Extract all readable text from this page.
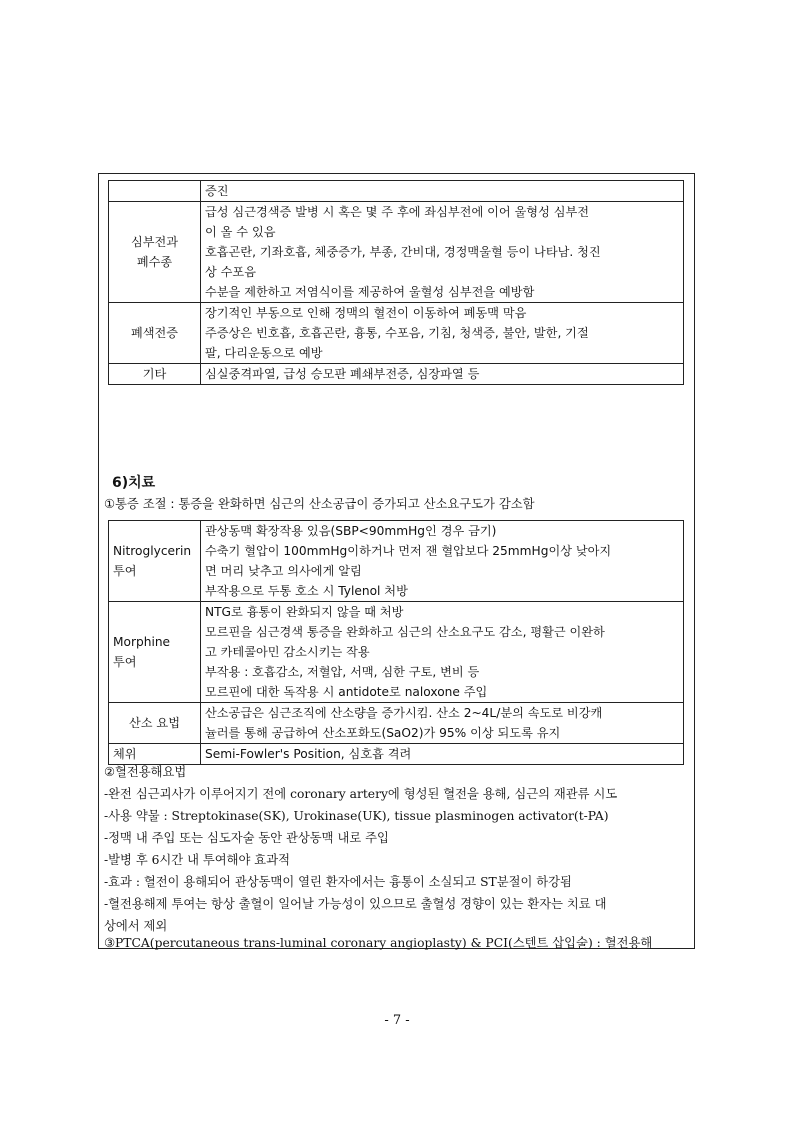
	증진

심부전과
폐수종	급성 심근경색증 발병 시 혹은 몇 주 후에 좌심부전에 이어 울형성 심부전
이 올 수 있음
호흡곤란, 기좌호흡, 체중증가, 부종, 간비대, 경정맥울혈 등이 나타남. 청진
상 수포음
수분을 제한하고 저염식이를 제공하여 울혈성 심부전을 예방함

폐색전증	장기적인 부동으로 인해 정맥의 혈전이 이동하여 폐동맥 막음
주증상은 빈호흡, 호흡곤란, 흉통, 수포음, 기침, 청색증, 불안, 발한, 기절
팔, 다리운동으로 예방

기타	심실중격파열, 급성 승모판 폐쇄부전증, 심장파열 등
6)치료
①통증 조절 : 통증을 완화하면 심근의 산소공급이 증가되고 산소요구도가 감소함
Nitroglycerin
투여	관상동맥 확장작용 있음(SBP<90mmHg인 경우 금기)
수축기 혈압이 100mmHg이하거나 먼저 잰 혈압보다 25mmHg이상 낮아지
면 머리 낮추고 의사에게 알림
부작용으로 두통 호소 시 Tylenol 처방

Morphine
투여	NTG로 흉통이 완화되지 않을 때 처방
모르핀을 심근경색 통증을 완화하고 심근의 산소요구도 감소, 평활근 이완하
고 카테콜아민 감소시키는 작용
부작용 : 호흡감소, 저혈압, 서맥, 심한 구토, 변비 등
모르핀에 대한 독작용 시 antidote로 naloxone 주입

산소 요법	산소공급은 심근조직에 산소량을 증가시킴. 산소 2~4L/분의 속도로 비강캐
뉼러를 통해 공급하여 산소포화도(SaO2)가 95% 이상 되도록 유지

체위	Semi-Fowler's Position, 심호흡 격려
②혈전용해요법
-완전 심근괴사가 이루어지기 전에 coronary artery에 형성된 혈전을 용해, 심근의 재관류 시도
-사용 약물 : Streptokinase(SK), Urokinase(UK), tissue plasminogen activator(t-PA)
-정맥 내 주입 또는 심도자술 동안 관상동맥 내로 주입
-발병 후 6시간 내 투여해야 효과적
-효과 : 혈전이 용해되어 관상동맥이 열린 환자에서는 흉통이 소실되고 ST분절이 하강됨
-혈전용해제 투여는 항상 출혈이 일어날 가능성이 있으므로 출혈성 경향이 있는 환자는 치료 대
상에서 제외
③PTCA(percutaneous trans-luminal coronary angioplasty) & PCI(스텐트 삽입술) : 혈전용해
- 7 -
